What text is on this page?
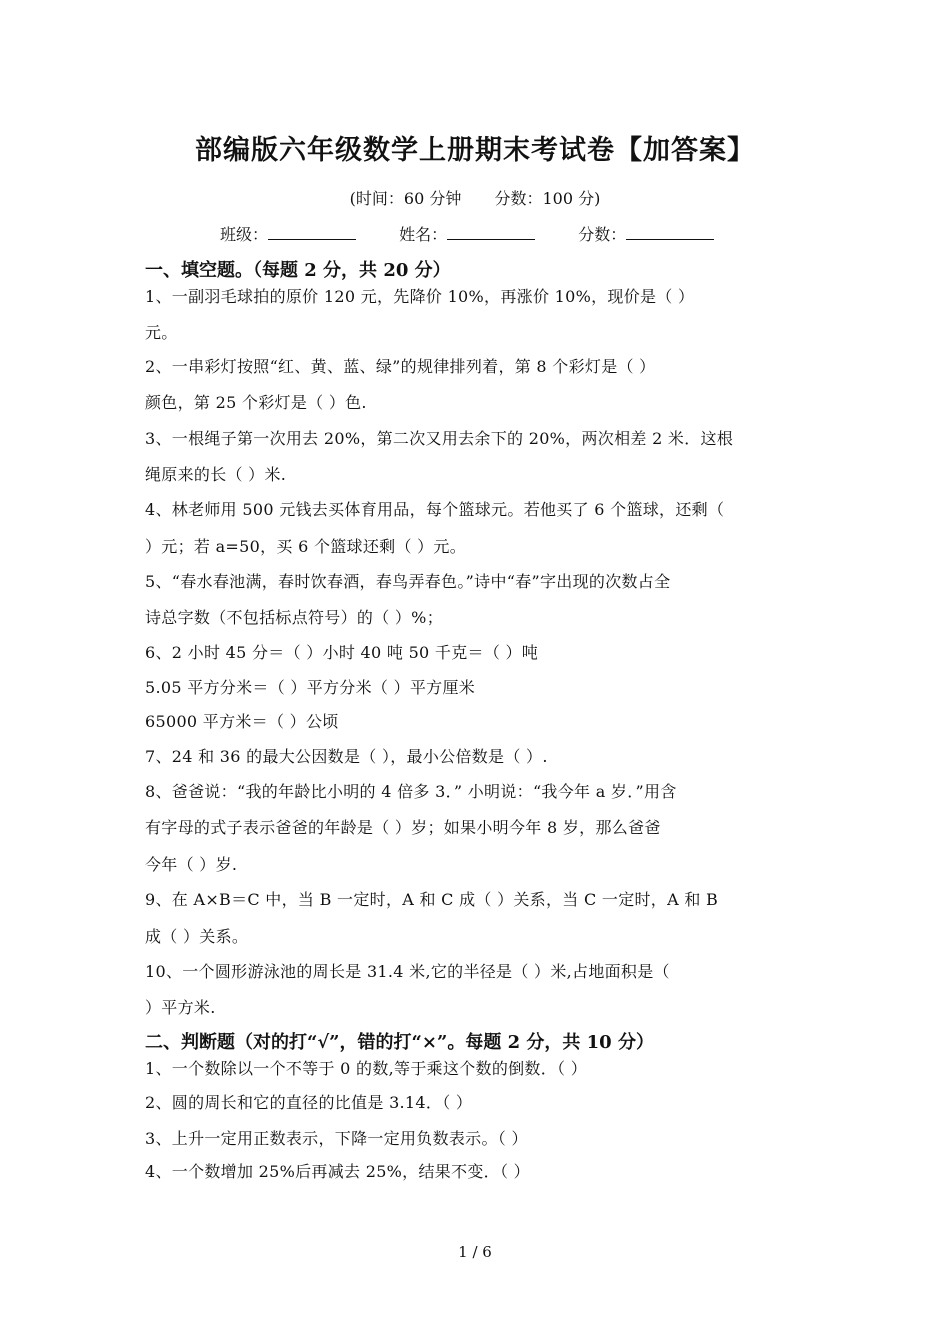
部编版六年级数学上册期末考试卷【加答案】
(时间：60 分钟 分数：100 分)
班级：	姓名：	分数：
一、填空题。（每题 2 分，共 20 分）
1、一副羽毛球拍的原价 120 元，先降价 10%，再涨价 10%，现价是（ ）
元。
2、一串彩灯按照“红、黄、蓝、绿”的规律排列着，第 8 个彩灯是（ ）
颜色，第 25 个彩灯是（ ）色.
3、一根绳子第一次用去 20%，第二次又用去余下的 20%，两次相差 2 米．这根
绳原来的长（ ）米.
4、林老师用 500 元钱去买体育用品，每个篮球元。若他买了 6 个篮球，还剩（
）元；若 a=50，买 6 个篮球还剩（ ）元。
5、“春水春池满，春时饮春酒，春鸟弄春色。”诗中“春”字出现的次数占全
诗总字数（不包括标点符号）的（ ）%；
6、2 小时 45 分＝（ ）小时 40 吨 50 千克＝（ ）吨
5.05 平方分米＝（ ）平方分米（ ）平方厘米
65000 平方米＝（ ）公顷
7、24 和 36 的最大公因数是（ ），最小公倍数是（ ）.
8、爸爸说：“我的年龄比小明的 4 倍多 3．” 小明说：“我今年 a 岁．”用含
有字母的式子表示爸爸的年龄是（ ）岁；如果小明今年 8 岁，那么爸爸
今年（ ）岁.
9、在 A×B＝C 中，当 B 一定时，A 和 C 成（ ）关系，当 C 一定时，A 和 B
成（ ）关系。
10、一个圆形游泳池的周长是 31.4 米,它的半径是（ ）米,占地面积是（
）平方米.
二、判断题（对的打“√”，错的打“×”。每题 2 分，共 10 分）
1、一个数除以一个不等于 0 的数,等于乘这个数的倒数．（ ）
2、圆的周长和它的直径的比值是 3.14．（ ）
3、上升一定用正数表示，下降一定用负数表示。（ ）
4、一个数增加 25%后再减去 25%，结果不变．（ ）
1 / 6
